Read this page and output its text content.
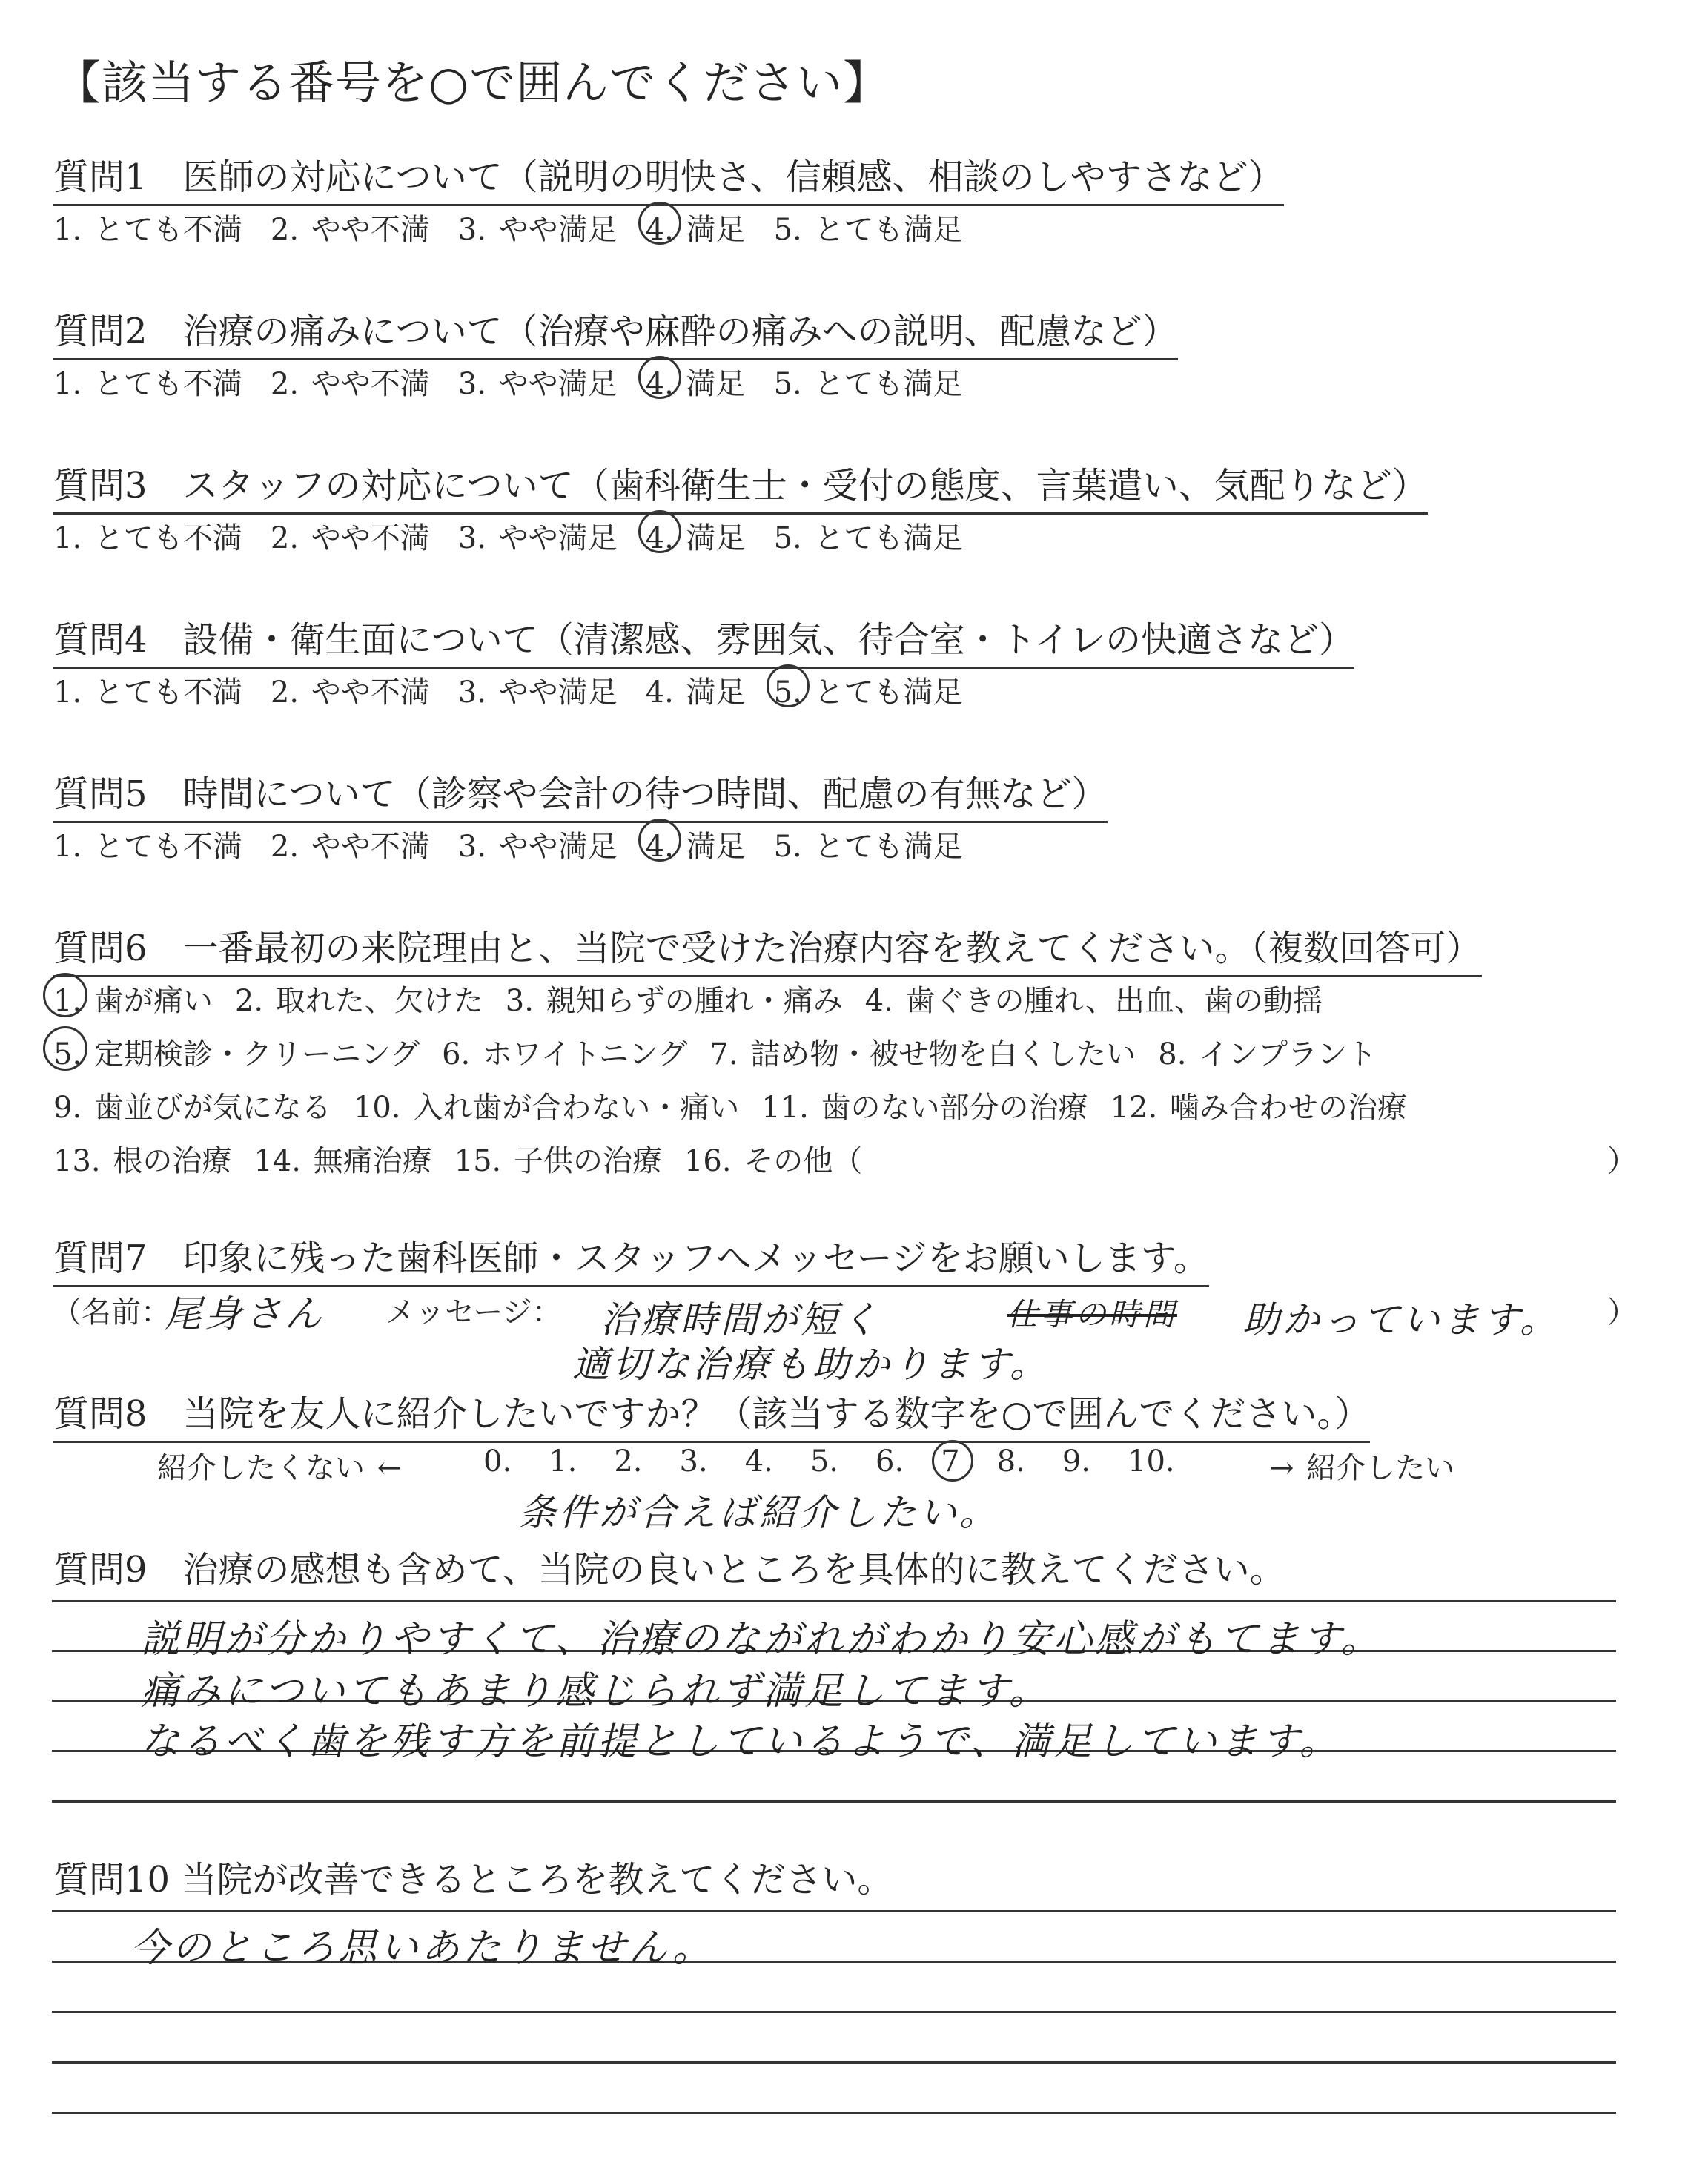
【該当する番号を○で囲んでください】
質問1　医師の対応について（説明の明快さ、信頼感、相談のしやすさなど）
1. とても不満 2. やや不満 3. やや満足 4. 満足 5. とても満足
質問2　治療の痛みについて（治療や麻酔の痛みへの説明、配慮など）
1. とても不満 2. やや不満 3. やや満足 4. 満足 5. とても満足
質問3　スタッフの対応について（歯科衛生士・受付の態度、言葉遣い、気配りなど）
1. とても不満 2. やや不満 3. やや満足 4. 満足 5. とても満足
質問4　設備・衛生面について（清潔感、雰囲気、待合室・トイレの快適さなど）
1. とても不満 2. やや不満 3. やや満足 4. 満足 5. とても満足
質問5　時間について（診察や会計の待つ時間、配慮の有無など）
1. とても不満 2. やや不満 3. やや満足 4. 満足 5. とても満足
質問6　一番最初の来院理由と、当院で受けた治療内容を教えてください。（複数回答可）
1. 歯が痛い 2. 取れた、欠けた 3. 親知らずの腫れ・痛み 4. 歯ぐきの腫れ、出血、歯の動揺
5. 定期検診・クリーニング 6. ホワイトニング 7. 詰め物・被せ物を白くしたい 8. インプラント
9. 歯並びが気になる 10. 入れ歯が合わない・痛い 11. 歯のない部分の治療 12. 噛み合わせの治療
13. 根の治療 14. 無痛治療 15. 子供の治療 16. その他（	）
質問7　印象に残った歯科医師・スタッフへメッセージをお願いします。
（名前：
尾身さん メッセージ： 治療時間が短く	仕事の時間 助かっています。 ）
適切な治療も助かります。
質問8　当院を友人に紹介したいですか？（該当する数字を○で囲んでください。）
紹介したくない ←	0. 1. 2. 3. 4. 5. 6. 7 8. 9. 10.	→ 紹介したい
条件が合えば紹介したい。
質問9　治療の感想も含めて、当院の良いところを具体的に教えてください。
説明が分かりやすくて、治療のながれがわかり安心感がもてます。
痛みについてもあまり感じられず満足してます。
なるべく歯を残す方を前提としているようで、満足しています。
質問10 当院が改善できるところを教えてください。
今のところ思いあたりません。
